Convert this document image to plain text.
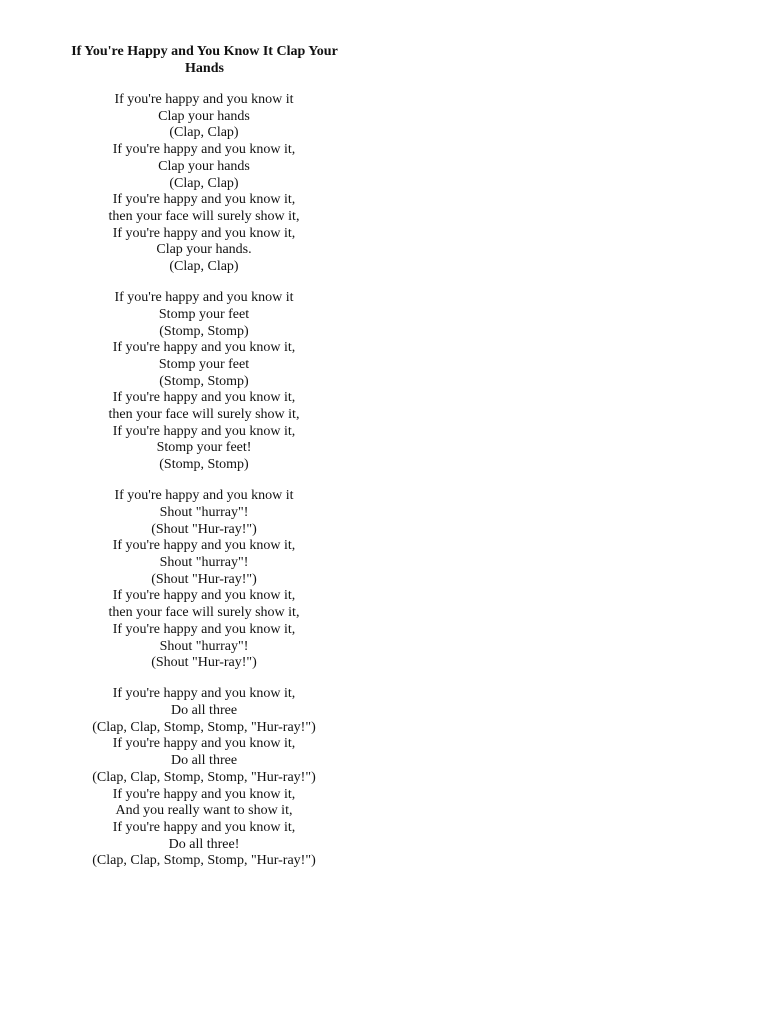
If You're Happy and You Know It Clap Your Hands
If you're happy and you know it
Clap your hands
(Clap, Clap)
If you're happy and you know it,
Clap your hands
(Clap, Clap)
If you're happy and you know it,
then your face will surely show it,
If you're happy and you know it,
Clap your hands.
(Clap, Clap)
If you're happy and you know it
Stomp your feet
(Stomp, Stomp)
If you're happy and you know it,
Stomp your feet
(Stomp, Stomp)
If you're happy and you know it,
then your face will surely show it,
If you're happy and you know it,
Stomp your feet!
(Stomp, Stomp)
If you're happy and you know it
Shout "hurray"!
(Shout "Hur-ray!")
If you're happy and you know it,
Shout "hurray"!
(Shout "Hur-ray!")
If you're happy and you know it,
then your face will surely show it,
If you're happy and you know it,
Shout "hurray"!
(Shout "Hur-ray!")
If you're happy and you know it,
Do all three
(Clap, Clap, Stomp, Stomp, "Hur-ray!")
If you're happy and you know it,
Do all three
(Clap, Clap, Stomp, Stomp, "Hur-ray!")
If you're happy and you know it,
And you really want to show it,
If you're happy and you know it,
Do all three!
(Clap, Clap, Stomp, Stomp, "Hur-ray!")
